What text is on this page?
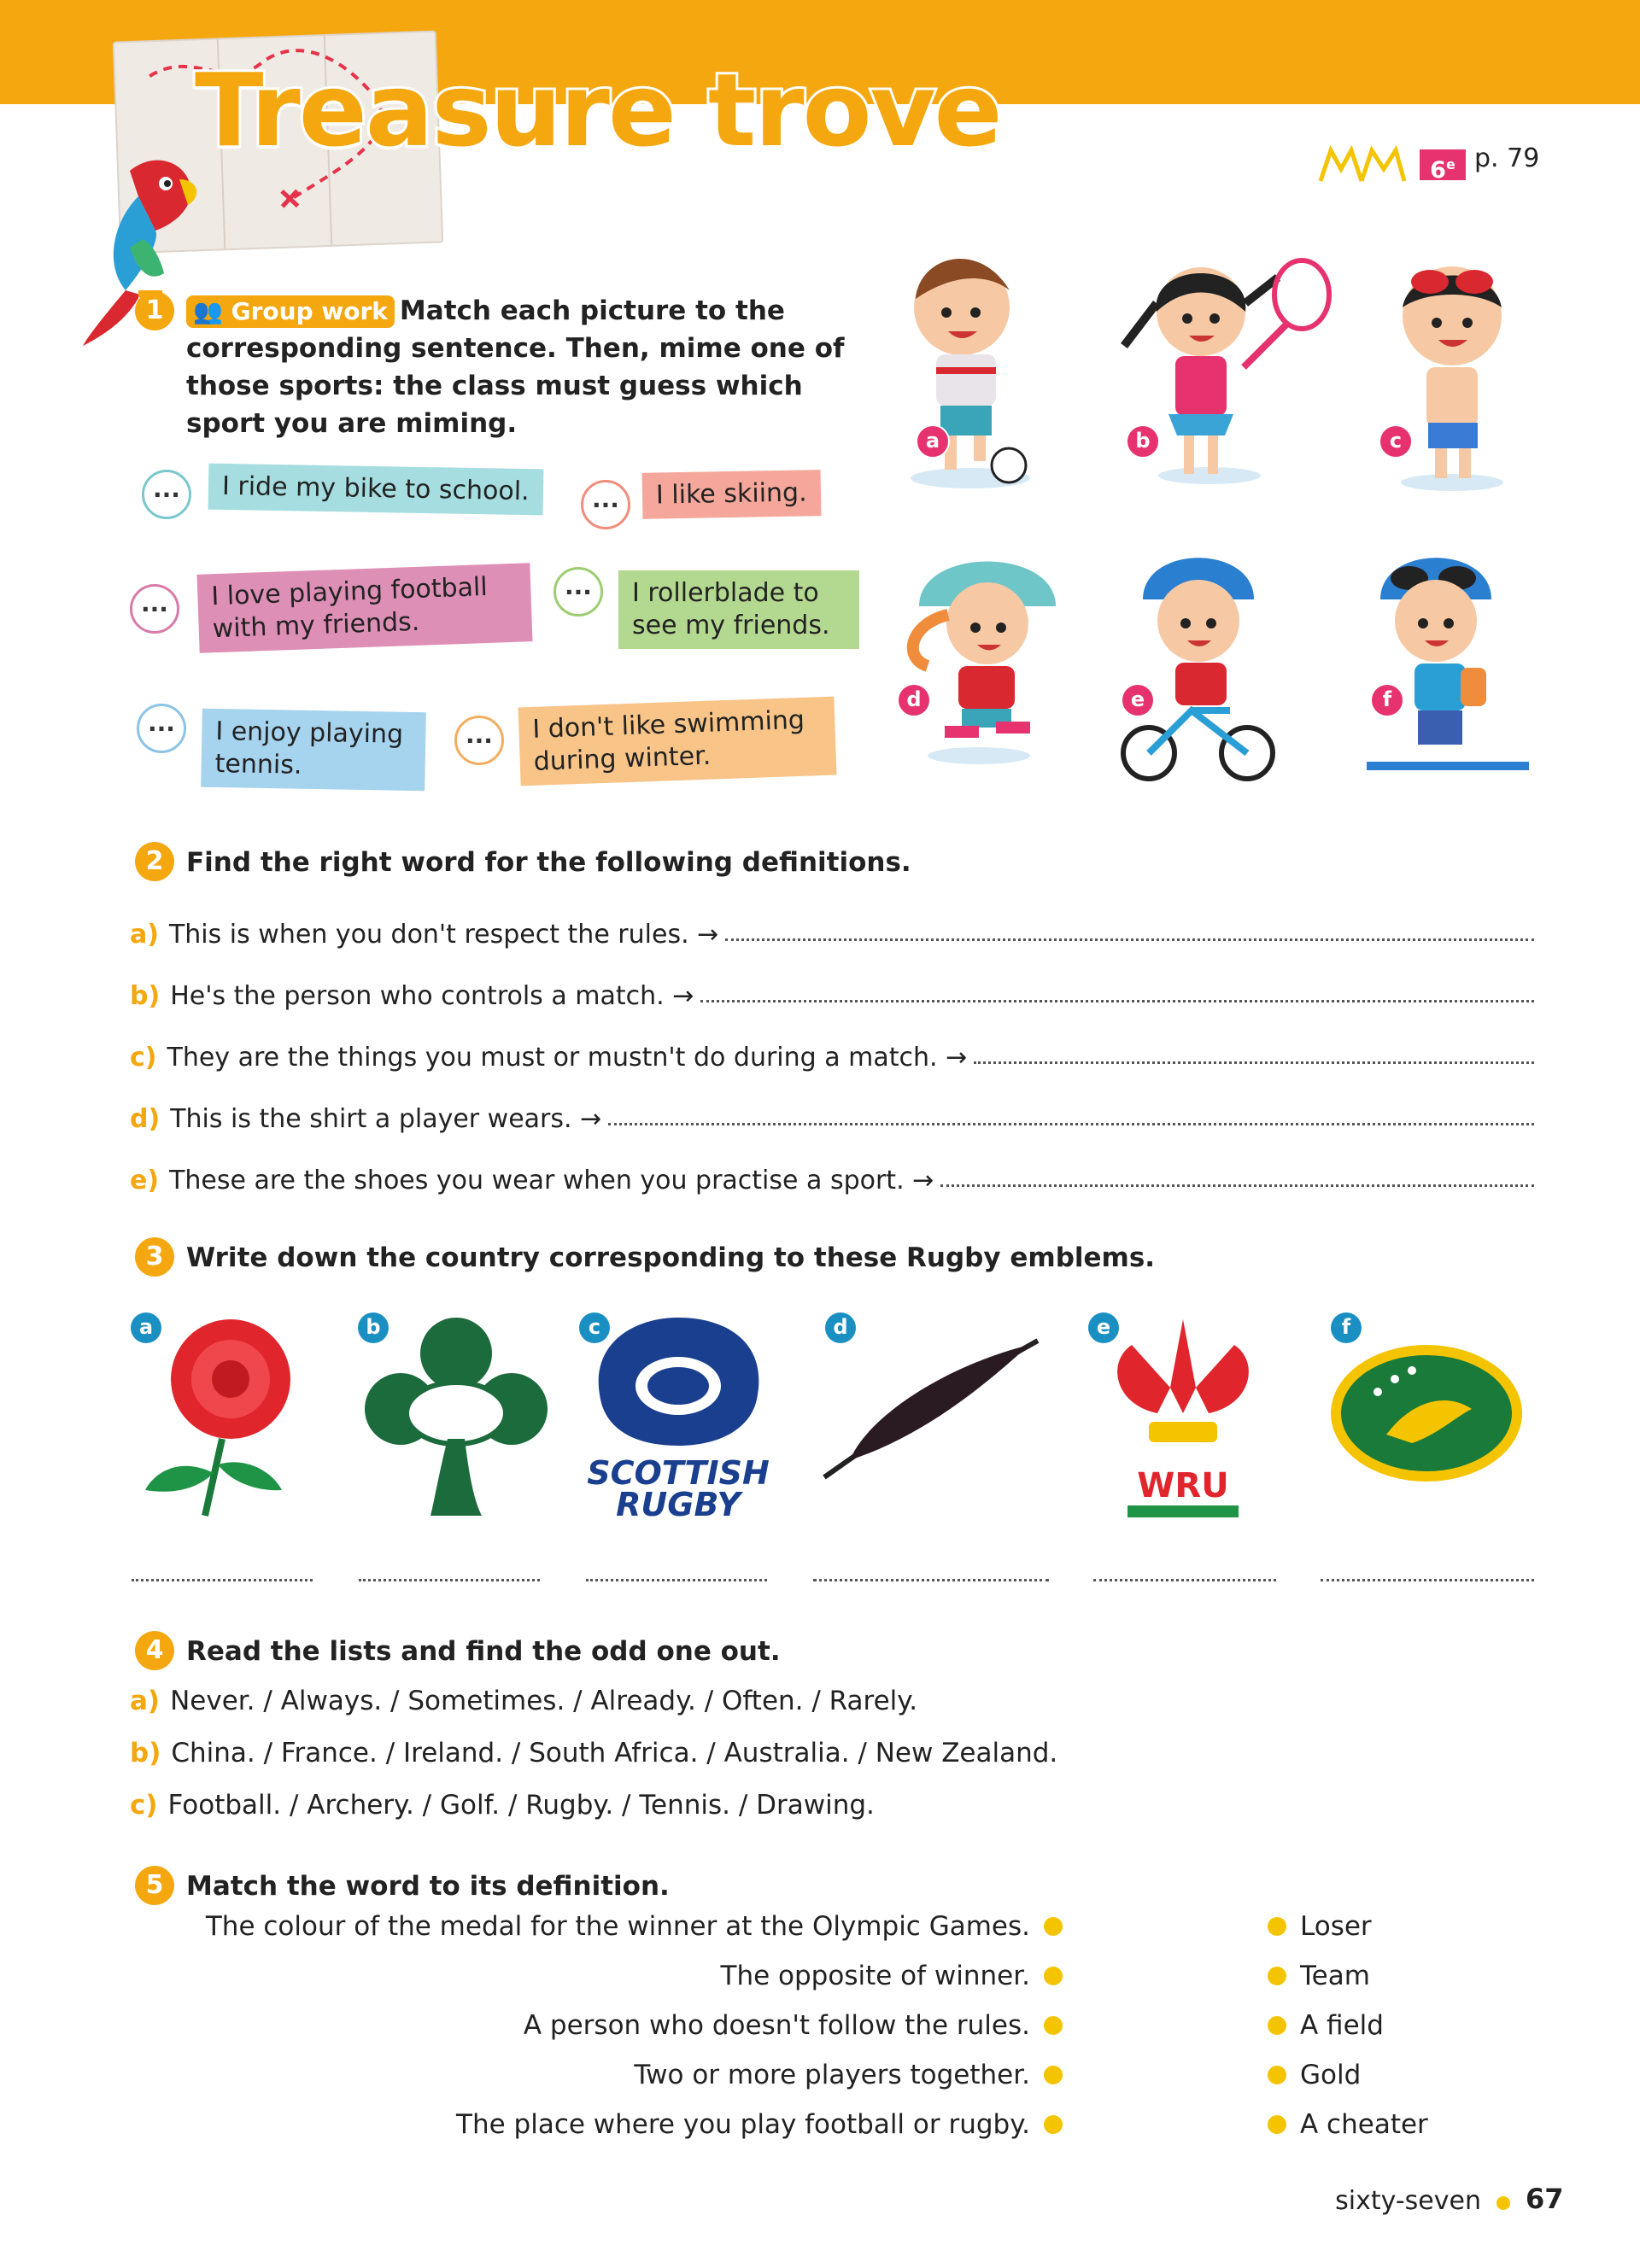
Treasure trove
6e p. 79
1	👥 Group work Match each picture to the corresponding sentence. Then, mime one of those sports: the class must guess which sport you are miming.
...	I ride my bike to school.	...	I like skiing.
...	I love playing football with my friends.
...	I rollerblade to see my friends.
...	I enjoy playing tennis.
...	I don't like swimming during winter.
a	b	c
d	e	f
2 Find the right word for the following definitions.
a) This is when you don't respect the rules. →
b) He's the person who controls a match. →
c) They are the things you must or mustn't do during a match. →
d) This is the shirt a player wears. →
e) These are the shoes you wear when you practise a sport. →
3 Write down the country corresponding to these Rugby emblems.
a	b	c
SCOTTISH
RUGBY
d	e
WRU
f
4 Read the lists and find the odd one out.
a) Never. / Always. / Sometimes. / Already. / Often. / Rarely.
b) China. / France. / Ireland. / South Africa. / Australia. / New Zealand.
c) Football. / Archery. / Golf. / Rugby. / Tennis. / Drawing.
5 Match the word to its definition.
The colour of the medal for the winner at the Olympic Games.
The opposite of winner.
A person who doesn't follow the rules.
Two or more players together.
The place where you play football or rugby.
Loser
Team
A field
Gold
A cheater
sixty-seven 67
